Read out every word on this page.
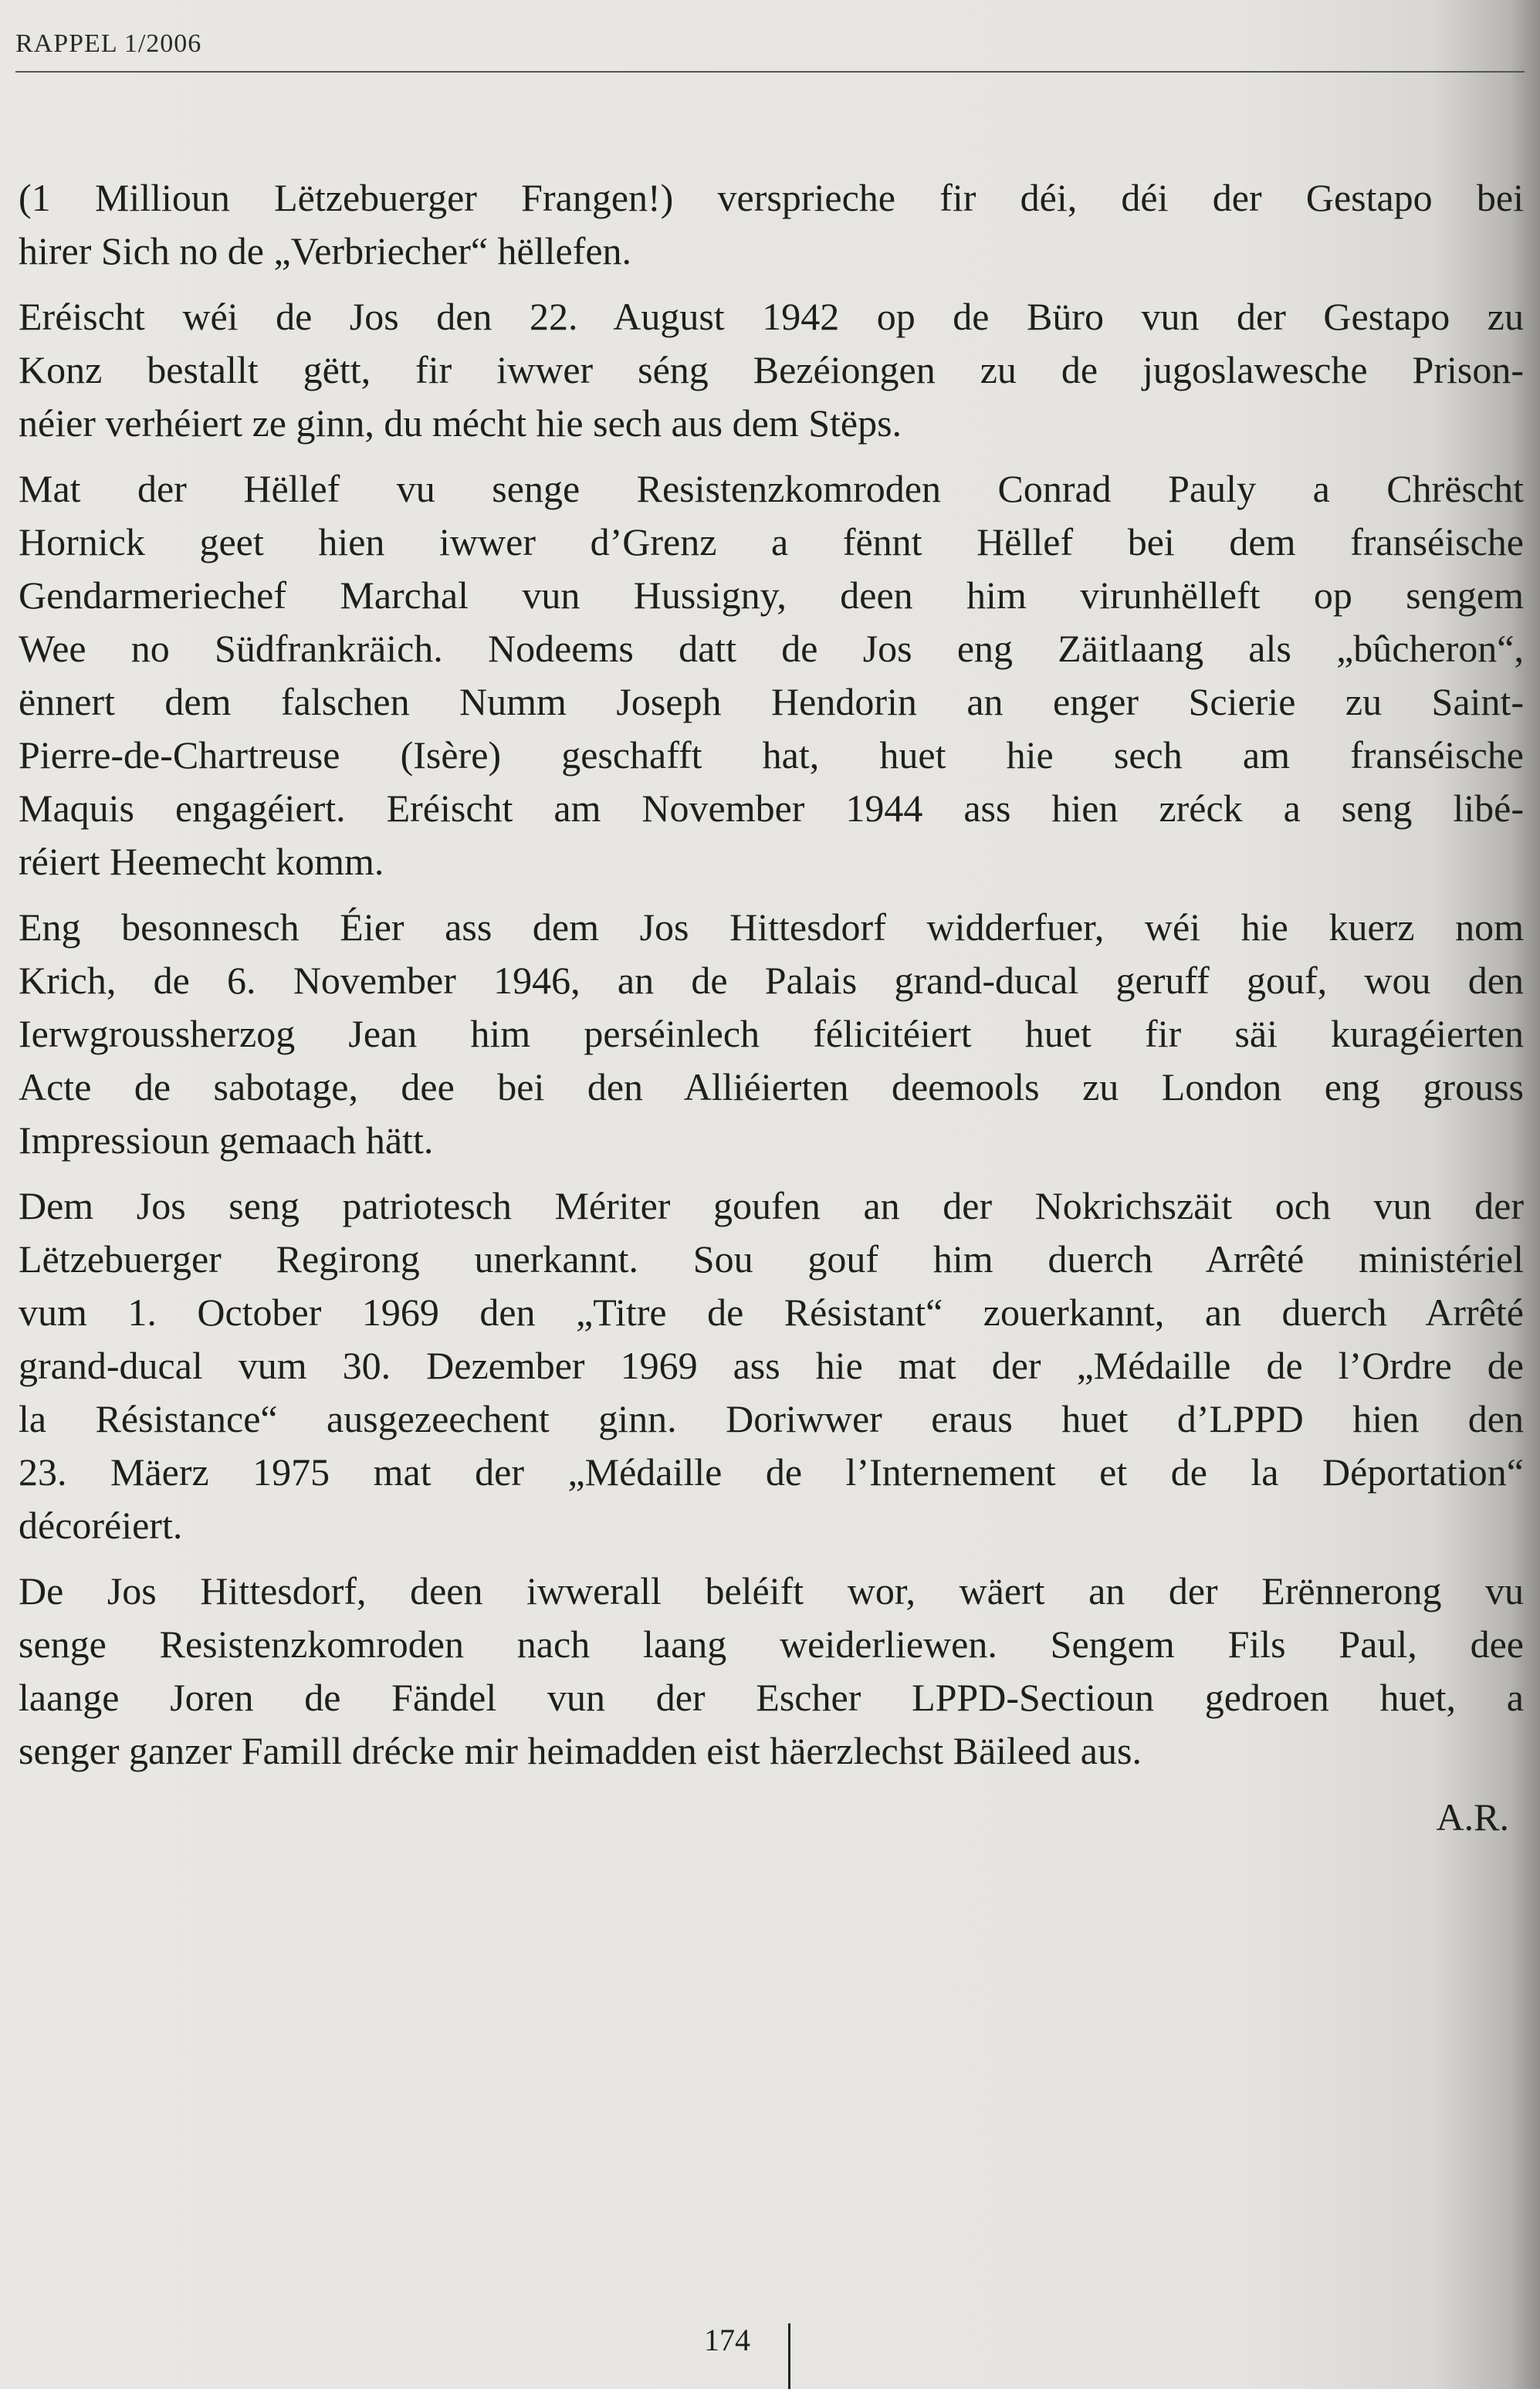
RAPPEL 1/2006
(1 Millioun Lëtzebuerger Frangen!) versprieche fir déi, déi der Gestapo bei
hirer Sich no de „Verbriecher“ hëllefen.
Eréischt wéi de Jos den 22. August 1942 op de Büro vun der Gestapo zu
Konz bestallt gëtt, fir iwwer séng Bezéiongen zu de jugoslawesche Prison-
néier verhéiert ze ginn, du mécht hie sech aus dem Stëps.
Mat der Hëllef vu senge Resistenzkomroden Conrad Pauly a Chrëscht
Hornick geet hien iwwer d’Grenz a fënnt Hëllef bei dem franséische
Gendarmeriechef Marchal vun Hussigny, deen him virunhëlleft op sengem
Wee no Südfrankräich. Nodeems datt de Jos eng Zäitlaang als „bûcheron“,
ënnert dem falschen Numm Joseph Hendorin an enger Scierie zu Saint-
Pierre-de-Chartreuse (Isère) geschafft hat, huet hie sech am franséische
Maquis engagéiert. Eréischt am November 1944 ass hien zréck a seng libé-
réiert Heemecht komm.
Eng besonnesch Éier ass dem Jos Hittesdorf widderfuer, wéi hie kuerz nom
Krich, de 6. November 1946, an de Palais grand-ducal geruff gouf, wou den
Ierwgroussherzog Jean him perséinlech félicitéiert huet fir säi kuragéierten
Acte de sabotage, dee bei den Alliéierten deemools zu London eng grouss
Impressioun gemaach hätt.
Dem Jos seng patriotesch Mériter goufen an der Nokrichszäit och vun der
Lëtzebuerger Regirong unerkannt. Sou gouf him duerch Arrêté ministériel
vum 1. October 1969 den „Titre de Résistant“ zouerkannt, an duerch Arrêté
grand-ducal vum 30. Dezember 1969 ass hie mat der „Médaille de l’Ordre de
la Résistance“ ausgezeechent ginn. Doriwwer eraus huet d’LPPD hien den
23. Mäerz 1975 mat der „Médaille de l’Internement et de la Déportation“
décoréiert.
De Jos Hittesdorf, deen iwwerall beléift wor, wäert an der Erënnerong vu
senge Resistenzkomroden nach laang weiderliewen. Sengem Fils Paul, dee
laange Joren de Fändel vun der Escher LPPD-Sectioun gedroen huet, a
senger ganzer Famill drécke mir heimadden eist häerzlechst Bäileed aus.
A.R.
174
